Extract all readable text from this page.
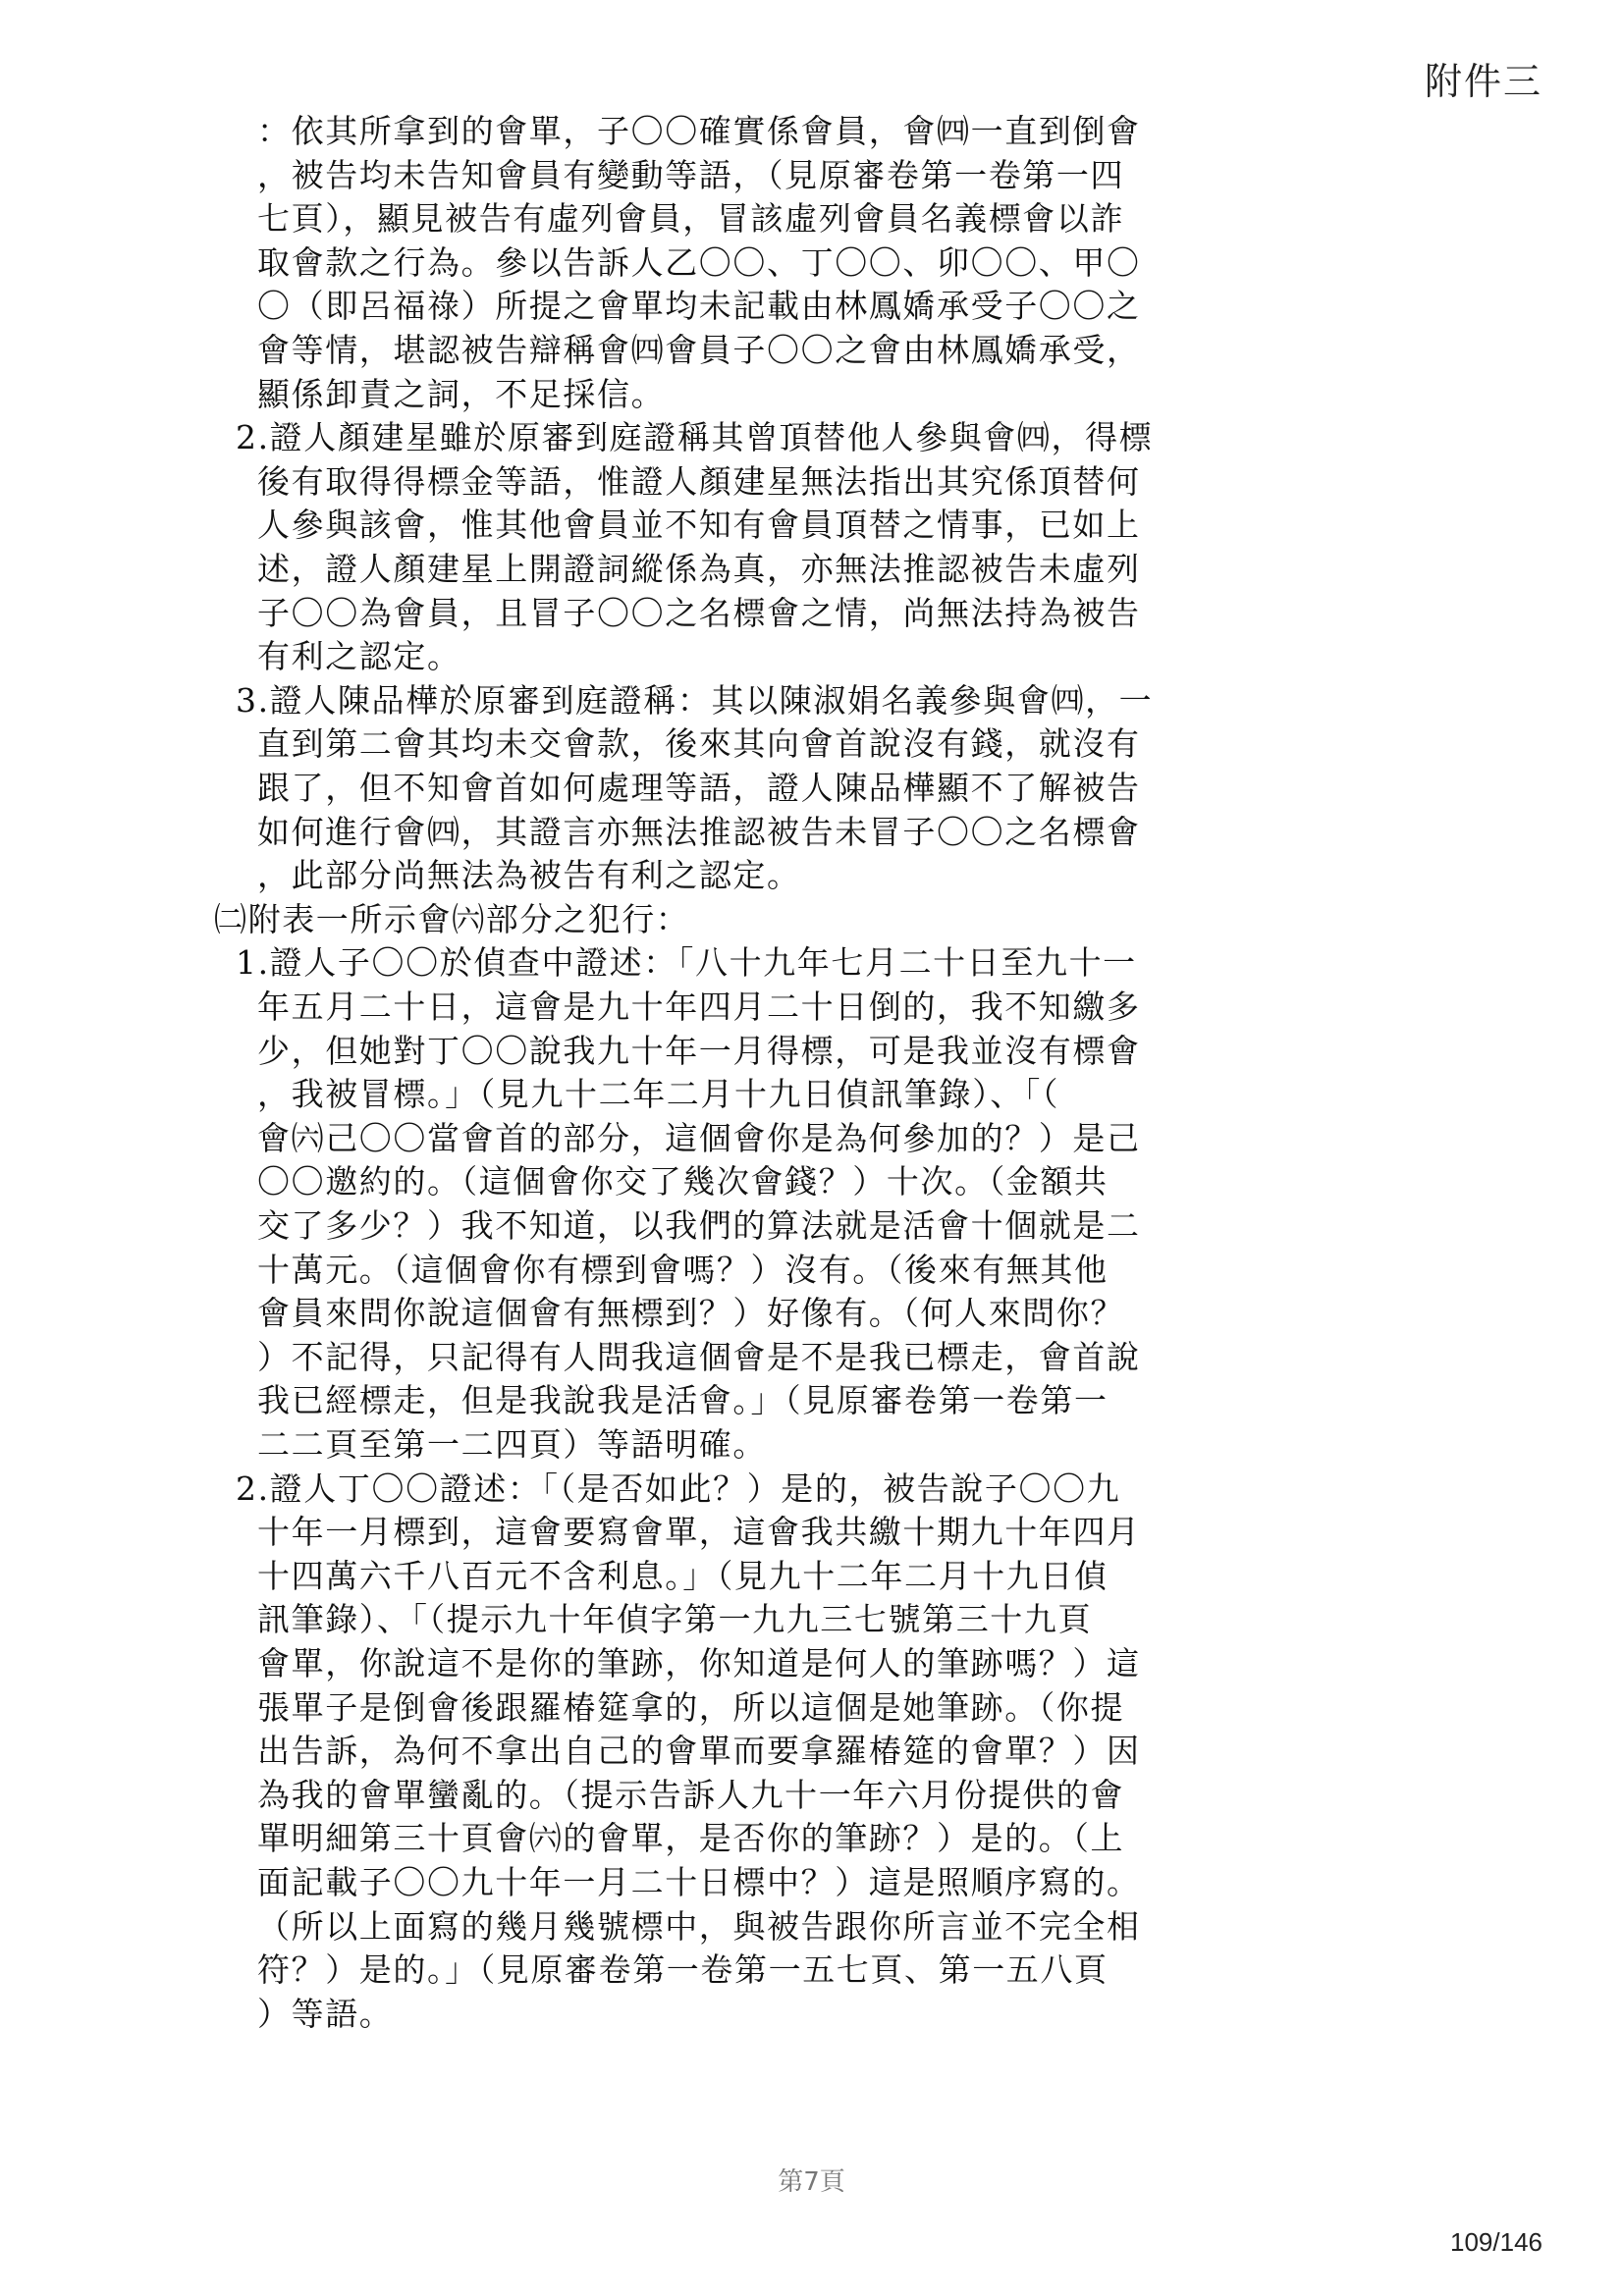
附件三
：依其所拿到的會單，子〇〇確實係會員，會㈣一直到倒會
，被告均未告知會員有變動等語，（見原審卷第一卷第一四
七頁），顯見被告有虛列會員，冒該虛列會員名義標會以詐
取會款之行為。參以告訴人乙〇〇、丁〇〇、卯〇〇、甲〇
〇（即呂福祿）所提之會單均未記載由林鳳嬌承受子〇〇之
會等情，堪認被告辯稱會㈣會員子〇〇之會由林鳳嬌承受，
顯係卸責之詞，不足採信。
2.證人顏建星雖於原審到庭證稱其曾頂替他人參與會㈣，得標
後有取得得標金等語，惟證人顏建星無法指出其究係頂替何
人參與該會，惟其他會員並不知有會員頂替之情事，已如上
述，證人顏建星上開證詞縱係為真，亦無法推認被告未虛列
子〇〇為會員，且冒子〇〇之名標會之情，尚無法持為被告
有利之認定。
3.證人陳品樺於原審到庭證稱：其以陳淑娟名義參與會㈣，一
直到第二會其均未交會款，後來其向會首說沒有錢，就沒有
跟了，但不知會首如何處理等語，證人陳品樺顯不了解被告
如何進行會㈣，其證言亦無法推認被告未冒子〇〇之名標會
，此部分尚無法為被告有利之認定。
㈡附表一所示會㈥部分之犯行：
1.證人子〇〇於偵查中證述：「八十九年七月二十日至九十一
年五月二十日，這會是九十年四月二十日倒的，我不知繳多
少，但她對丁〇〇說我九十年一月得標，可是我並沒有標會
，我被冒標。」（見九十二年二月十九日偵訊筆錄）、「（
會㈥己〇〇當會首的部分，這個會你是為何參加的？）是己
〇〇邀約的。（這個會你交了幾次會錢？）十次。（金額共
交了多少？）我不知道，以我們的算法就是活會十個就是二
十萬元。（這個會你有標到會嗎？）沒有。（後來有無其他
會員來問你說這個會有無標到？）好像有。（何人來問你？
）不記得，只記得有人問我這個會是不是我已標走，會首說
我已經標走，但是我說我是活會。」（見原審卷第一卷第一
二二頁至第一二四頁）等語明確。
2.證人丁〇〇證述：「（是否如此？）是的，被告說子〇〇九
十年一月標到，這會要寫會單，這會我共繳十期九十年四月
十四萬六千八百元不含利息。」（見九十二年二月十九日偵
訊筆錄）、「（提示九十年偵字第一九九三七號第三十九頁
會單，你說這不是你的筆跡，你知道是何人的筆跡嗎？）這
張單子是倒會後跟羅椿筵拿的，所以這個是她筆跡。（你提
出告訴，為何不拿出自己的會單而要拿羅椿筵的會單？）因
為我的會單蠻亂的。（提示告訴人九十一年六月份提供的會
單明細第三十頁會㈥的會單，是否你的筆跡？）是的。（上
面記載子〇〇九十年一月二十日標中？）這是照順序寫的。
（所以上面寫的幾月幾號標中，與被告跟你所言並不完全相
符？）是的。」（見原審卷第一卷第一五七頁、第一五八頁
）等語。
第7頁
109/146
